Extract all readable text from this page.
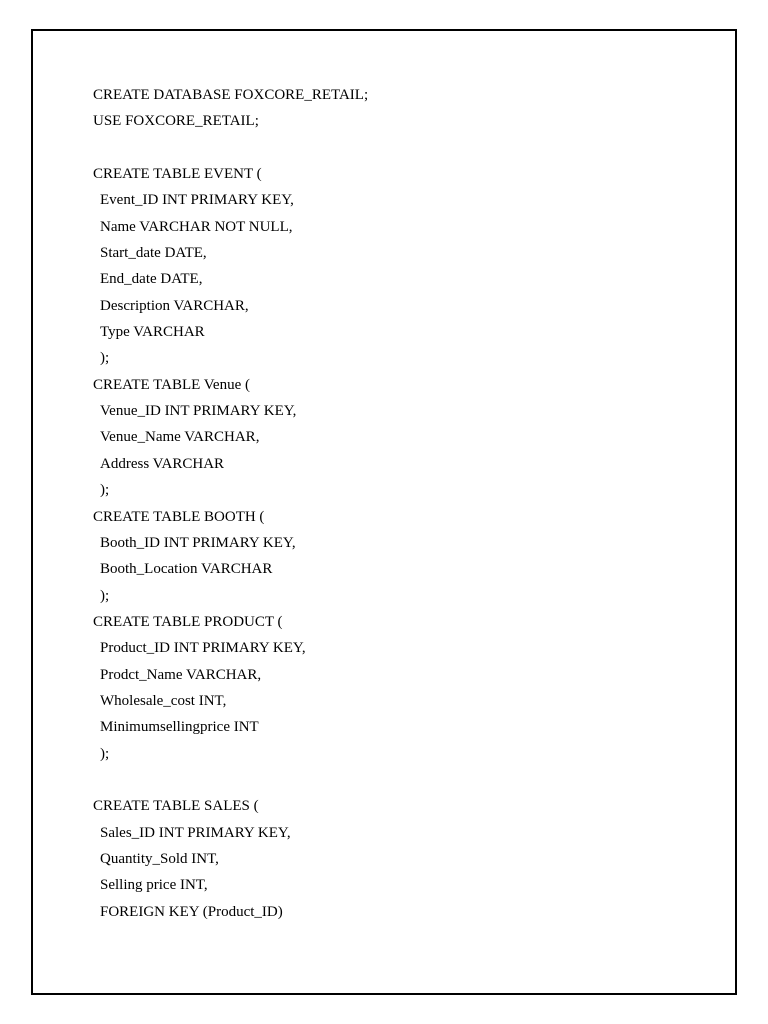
CREATE DATABASE FOXCORE_RETAIL;
USE FOXCORE_RETAIL;
CREATE TABLE EVENT (
Event_ID INT PRIMARY KEY,
Name VARCHAR NOT NULL,
Start_date DATE,
End_date DATE,
Description VARCHAR,
Type VARCHAR
);
CREATE TABLE Venue (
Venue_ID INT PRIMARY KEY,
Venue_Name VARCHAR,
Address VARCHAR
);
CREATE TABLE BOOTH (
Booth_ID INT PRIMARY KEY,
Booth_Location VARCHAR
);
CREATE TABLE PRODUCT (
Product_ID INT PRIMARY KEY,
Prodct_Name VARCHAR,
Wholesale_cost INT,
Minimumsellingprice INT
);
CREATE TABLE SALES (
Sales_ID INT PRIMARY KEY,
Quantity_Sold INT,
Selling price INT,
FOREIGN KEY (Product_ID)
